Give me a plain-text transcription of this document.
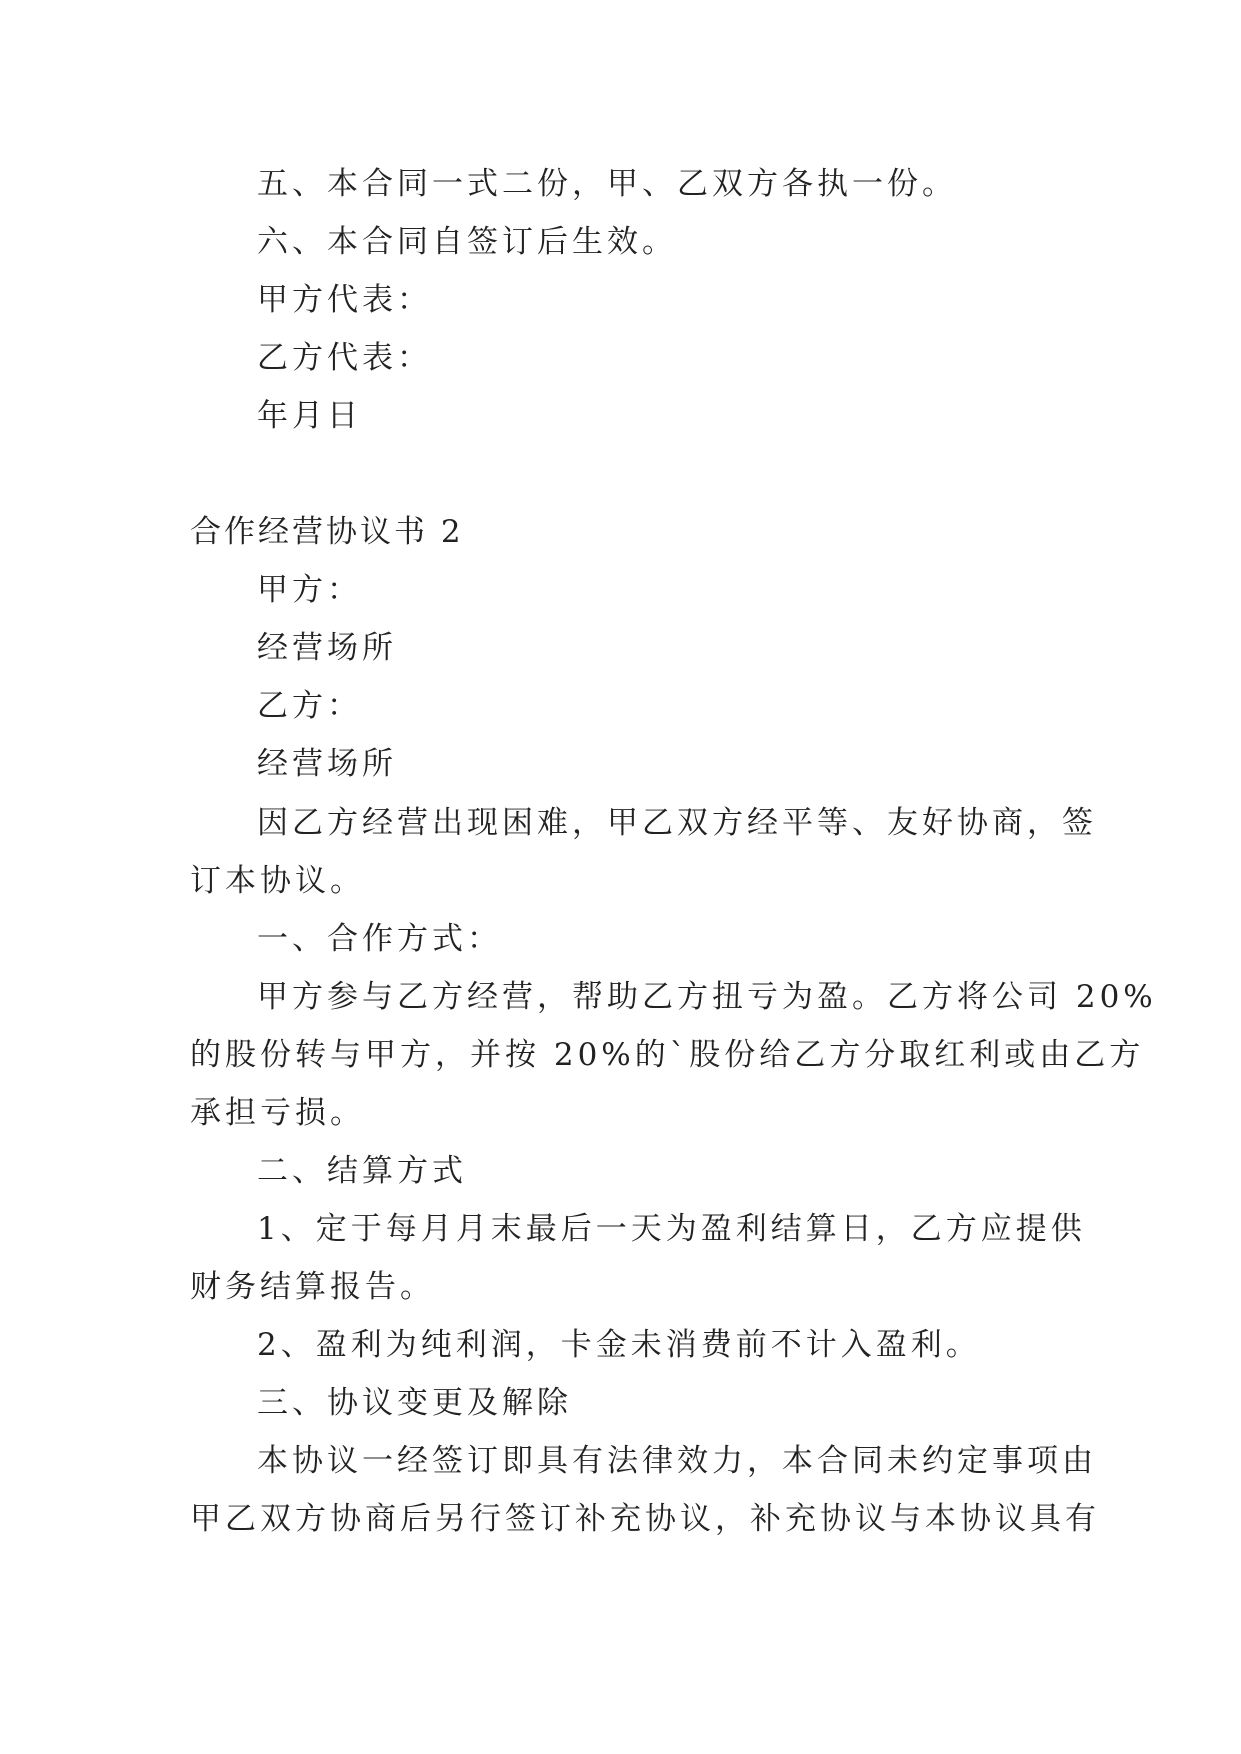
五、本合同一式二份，甲、乙双方各执一份。
六、本合同自签订后生效。
甲方代表：
乙方代表：
年月日
合作经营协议书 2
甲方：
经营场所
乙方：
经营场所
因乙方经营出现困难，甲乙双方经平等、友好协商，签
订本协议。
一、合作方式：
甲方参与乙方经营，帮助乙方扭亏为盈。乙方将公司 20%
的股份转与甲方，并按 20%的`股份给乙方分取红利或由乙方
承担亏损。
二、结算方式
1、定于每月月末最后一天为盈利结算日，乙方应提供
财务结算报告。
2、盈利为纯利润，卡金未消费前不计入盈利。
三、协议变更及解除
本协议一经签订即具有法律效力，本合同未约定事项由
甲乙双方协商后另行签订补充协议，补充协议与本协议具有
